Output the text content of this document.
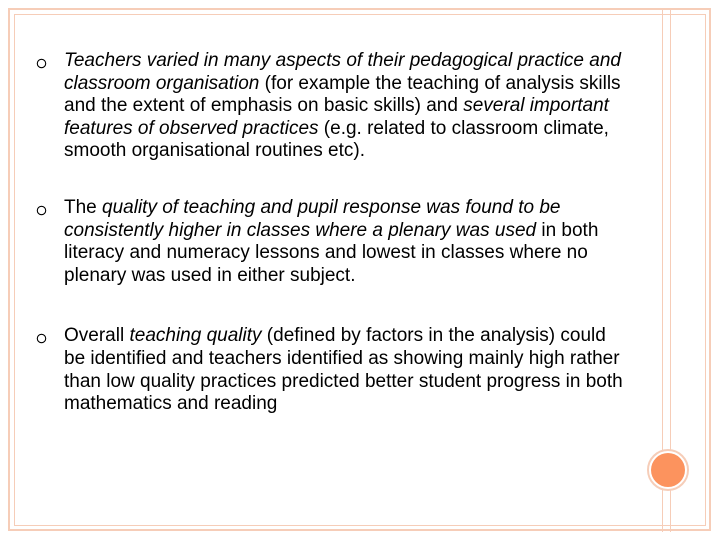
Teachers varied in many aspects of their pedagogical practice and classroom organisation (for example the teaching of analysis skills and the extent of emphasis on basic skills) and several important features of observed practices (e.g. related to classroom climate, smooth organisational routines etc).
The quality of teaching and pupil response was found to be consistently higher in classes where a plenary was used in both literacy and numeracy lessons and lowest in classes where no plenary was used in either subject.
Overall teaching quality (defined by factors in the analysis) could be identified and teachers identified as showing mainly high rather than low quality practices predicted better student progress in both mathematics and reading
